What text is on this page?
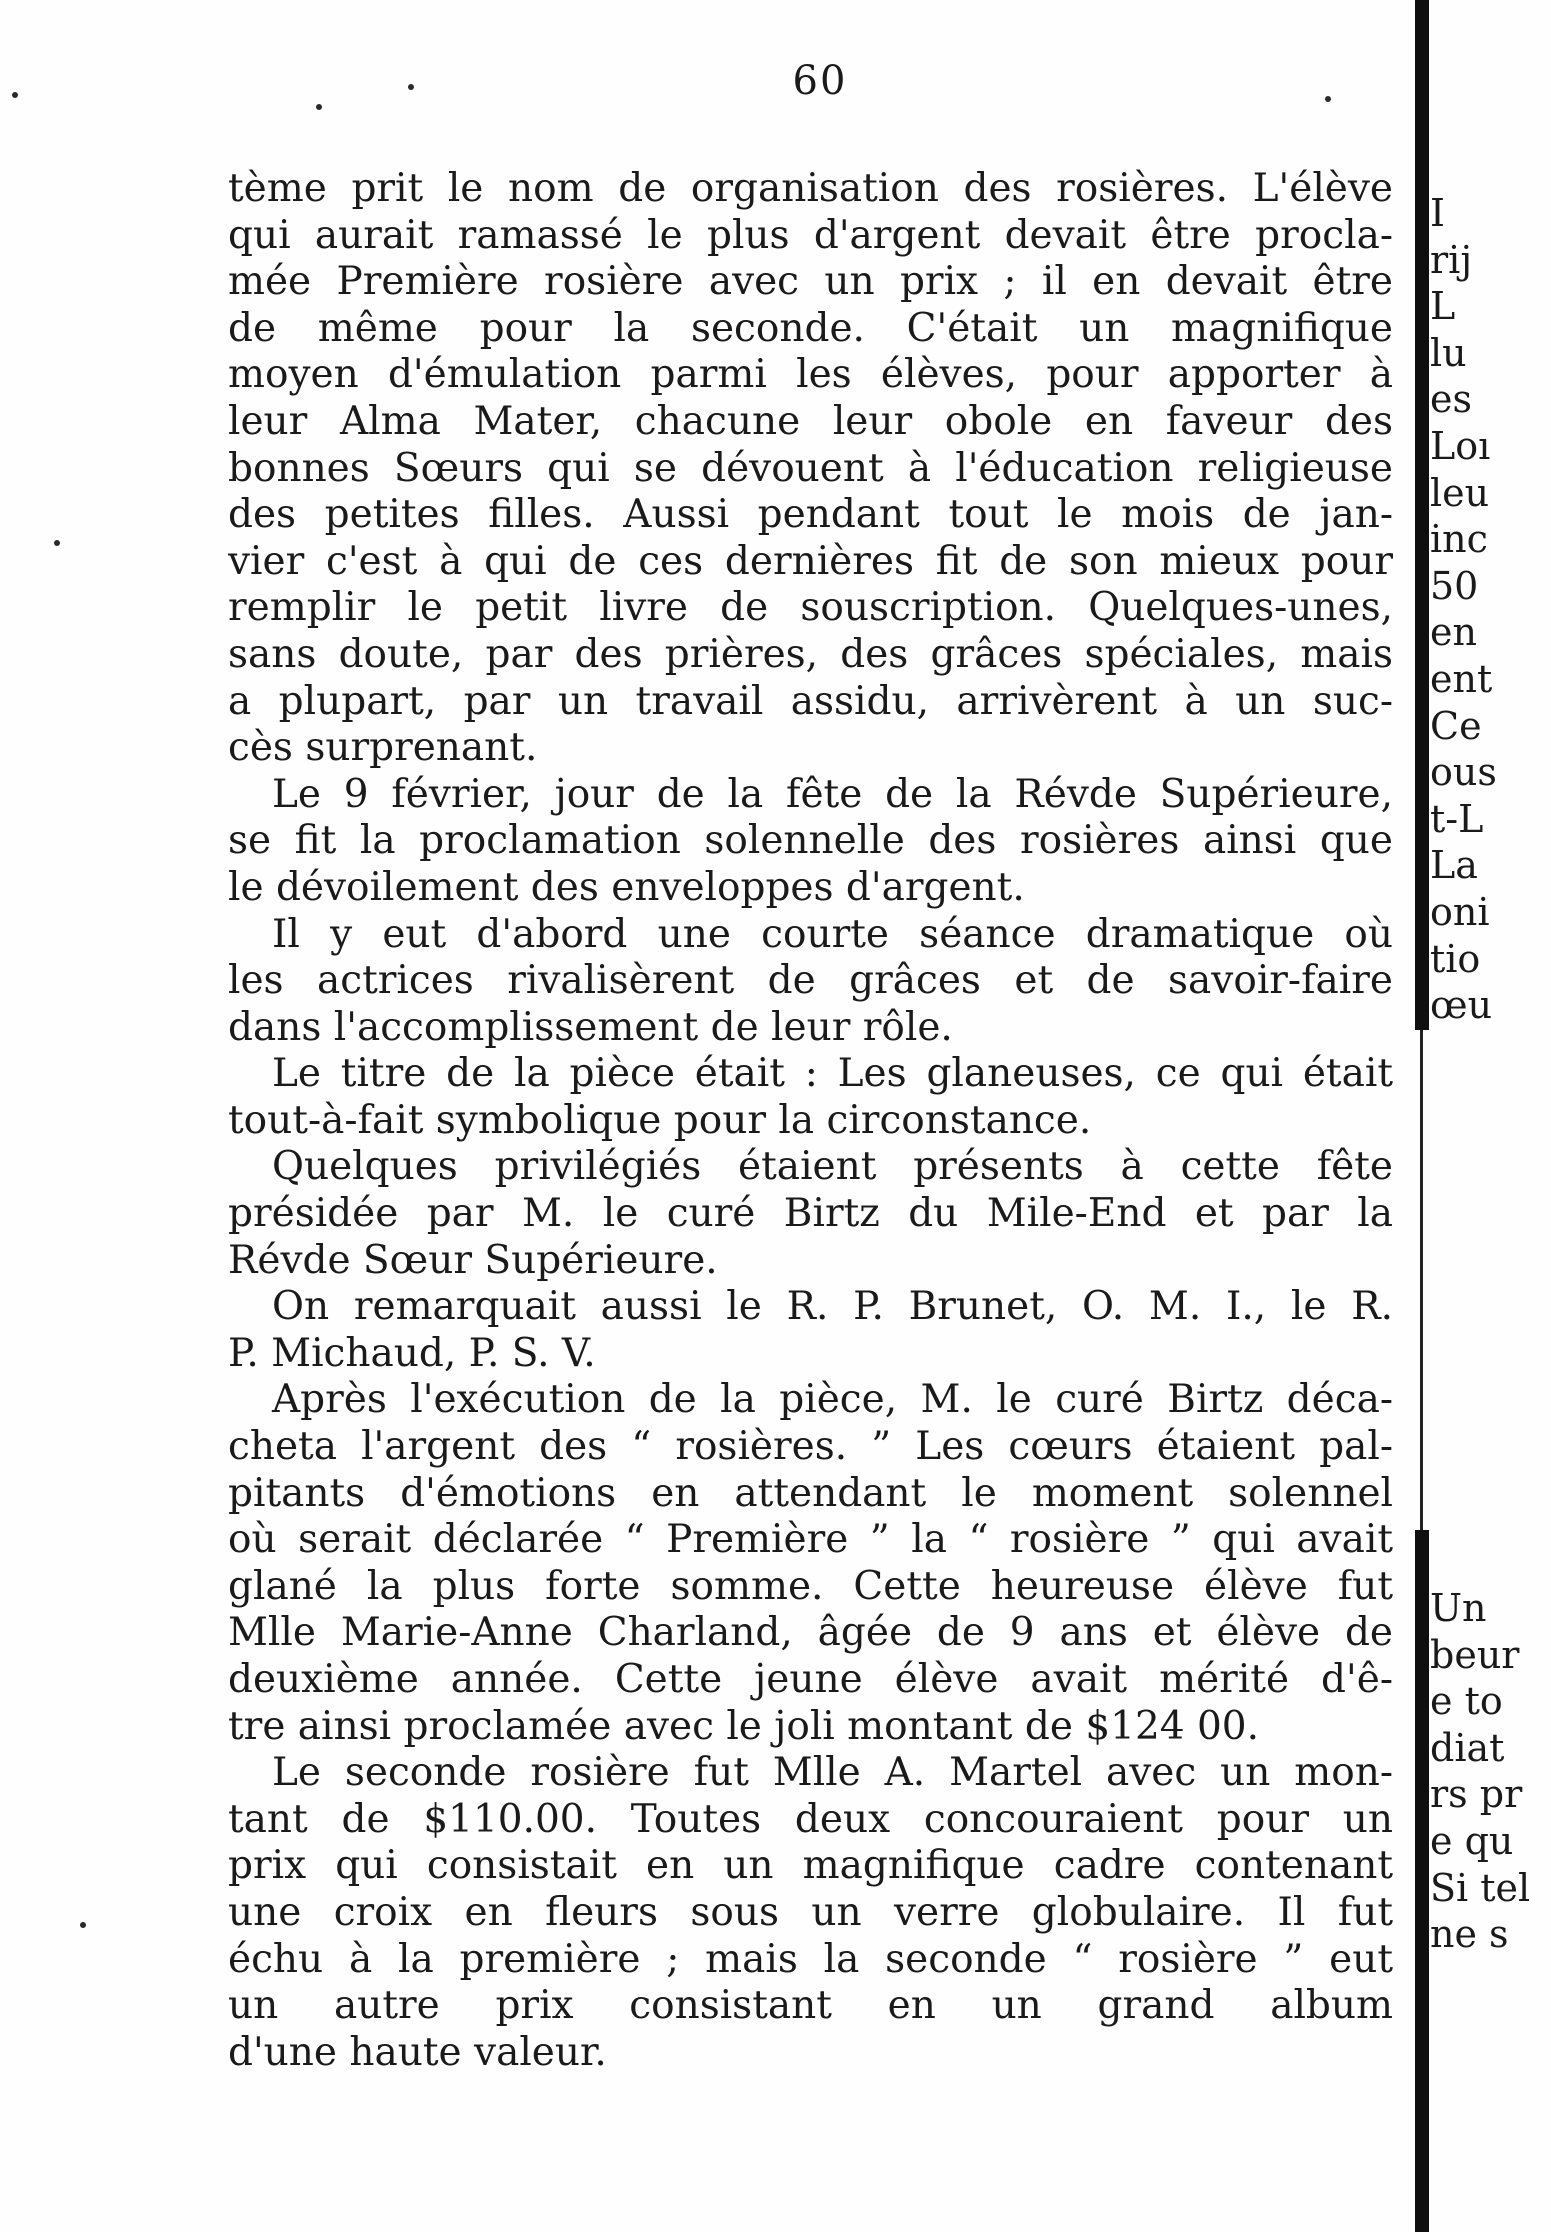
60
tème prit le nom de organisation des rosières. L'élève
qui aurait ramassé le plus d'argent devait être procla-
mée Première rosière avec un prix ; il en devait être
de même pour la seconde. C'était un magnifique
moyen d'émulation parmi les élèves, pour apporter à
leur Alma Mater, chacune leur obole en faveur des
bonnes Sœurs qui se dévouent à l'éducation religieuse
des petites filles. Aussi pendant tout le mois de jan-
vier c'est à qui de ces dernières fit de son mieux pour
remplir le petit livre de souscription. Quelques-unes,
sans doute, par des prières, des grâces spéciales, mais
a plupart, par un travail assidu, arrivèrent à un suc-
cès surprenant.
Le 9 février, jour de la fête de la Révde Supérieure,
se fit la proclamation solennelle des rosières ainsi que
le dévoilement des enveloppes d'argent.
Il y eut d'abord une courte séance dramatique où
les actrices rivalisèrent de grâces et de savoir-faire
dans l'accomplissement de leur rôle.
Le titre de la pièce était : Les glaneuses, ce qui était
tout-à-fait symbolique pour la circonstance.
Quelques privilégiés étaient présents à cette fête
présidée par M. le curé Birtz du Mile-End et par la
Révde Sœur Supérieure.
On remarquait aussi le R. P. Brunet, O. M. I., le R.
P. Michaud, P. S. V.
Après l'exécution de la pièce, M. le curé Birtz déca-
cheta l'argent des “ rosières. ” Les cœurs étaient pal-
pitants d'émotions en attendant le moment solennel
où serait déclarée “ Première ” la “ rosière ” qui avait
glané la plus forte somme. Cette heureuse élève fut
Mlle Marie-Anne Charland, âgée de 9 ans et élève de
deuxième année. Cette jeune élève avait mérité d'ê-
tre ainsi proclamée avec le joli montant de $124 00.
Le seconde rosière fut Mlle A. Martel avec un mon-
tant de $110.00. Toutes deux concouraient pour un
prix qui consistait en un magnifique cadre contenant
une croix en fleurs sous un verre globulaire. Il fut
échu à la première ; mais la seconde “ rosière ” eut
un autre prix consistant en un grand album
d'une haute valeur.
I
rij
L
lu
es
Loı
leu
inc
50
en
ent
Ce
ous
t-L
La
oni
tio
œu
Un
beur
e to
diat
rs pr
e qu
Si tel
ne s
